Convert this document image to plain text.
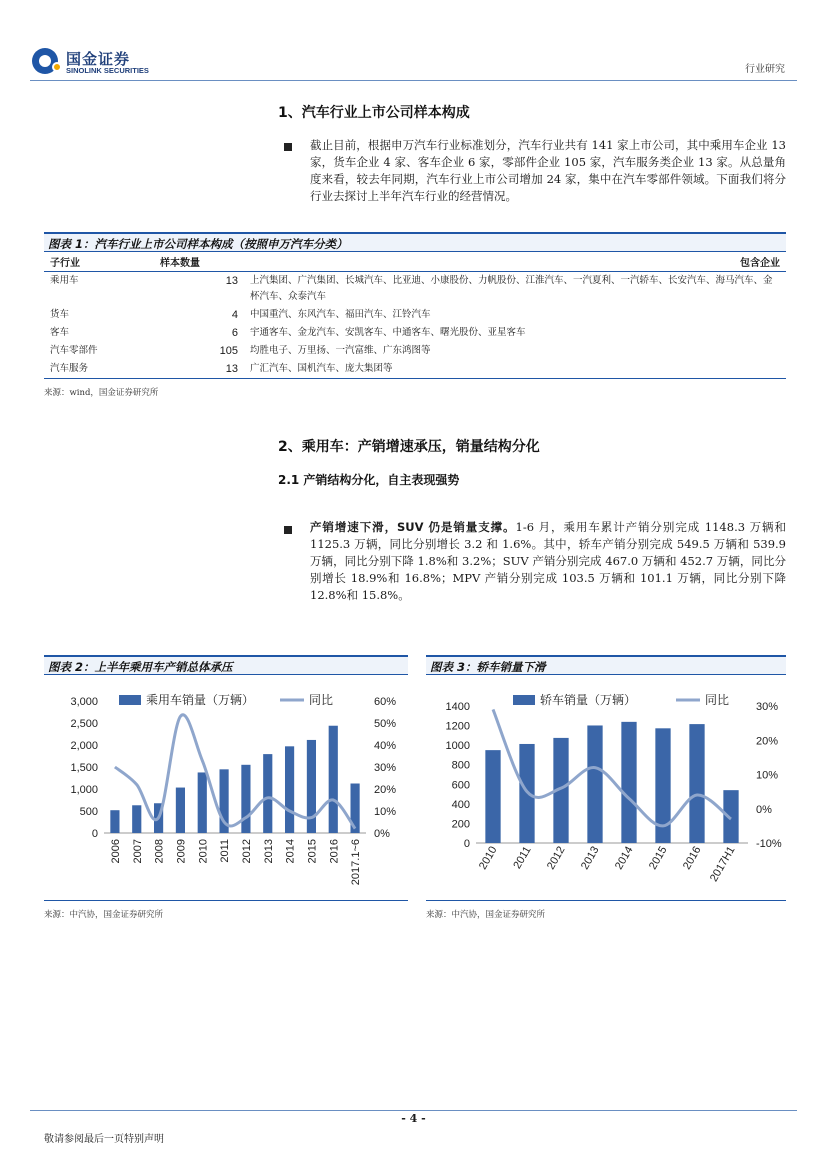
国金证券
SINOLINK SECURITIES	行业研究
1、汽车行业上市公司样本构成
截止目前，根据申万汽车行业标准划分，汽车行业共有 141 家上市公司，其中乘用车企业 13 家，货车企业 4 家、客车企业 6 家，零部件企业 105 家，汽车服务类企业 13 家。从总量角度来看，较去年同期，汽车行业上市公司增加 24 家，集中在汽车零部件领域。下面我们将分行业去探讨上半年汽车行业的经营情况。
图表 1：汽车行业上市公司样本构成（按照申万汽车分类）
子行业	样本数量	包含企业
乘用车	13	上汽集团、广汽集团、长城汽车、比亚迪、小康股份、力帆股份、江淮汽车、一汽夏利、一汽轿车、长安汽车、海马汽车、金杯汽车、众泰汽车
货车	4	中国重汽、东风汽车、福田汽车、江铃汽车
客车	6	宇通客车、金龙汽车、安凯客车、中通客车、曙光股份、亚星客车
汽车零部件	105	均胜电子、万里扬、一汽富维、广东鸿图等
汽车服务	13	广汇汽车、国机汽车、庞大集团等
来源：wind，国金证券研究所
2、乘用车：产销增速承压，销量结构分化
2.1 产销结构分化，自主表现强势
产销增速下滑，SUV 仍是销量支撑。1-6 月，乘用车累计产销分别完成 1148.3 万辆和 1125.3 万辆，同比分别增长 3.2 和 1.6%。其中，轿车产销分别完成 549.5 万辆和 539.9 万辆，同比分别下降 1.8%和 3.2%；SUV 产销分别完成 467.0 万辆和 452.7 万辆，同比分别增长 18.9%和 16.8%；MPV 产销分别完成 103.5 万辆和 101.1 万辆，同比分别下降 12.8%和 15.8%。
图表 2：上半年乘用车产销总体承压
0
500
1,000
1,500
2,000
2,500
3,000
0%
10%
20%
30%
40%
50%
60%
2006 2007 2008 2009 2010 2011 2012 2013 2014 2015 2016 2017.1~6
乘用车销量（万辆）	同比
来源：中汽协，国金证券研究所
图表 3：轿车销量下滑
0
200
400
600
800
1000
1200
1400
-10%
0%
10%
20%
30%
2010 2011 2012 2013 2014 2015 2016 2017H1
轿车销量（万辆）	同比
来源：中汽协，国金证券研究所
- 4 -
敬请参阅最后一页特别声明
